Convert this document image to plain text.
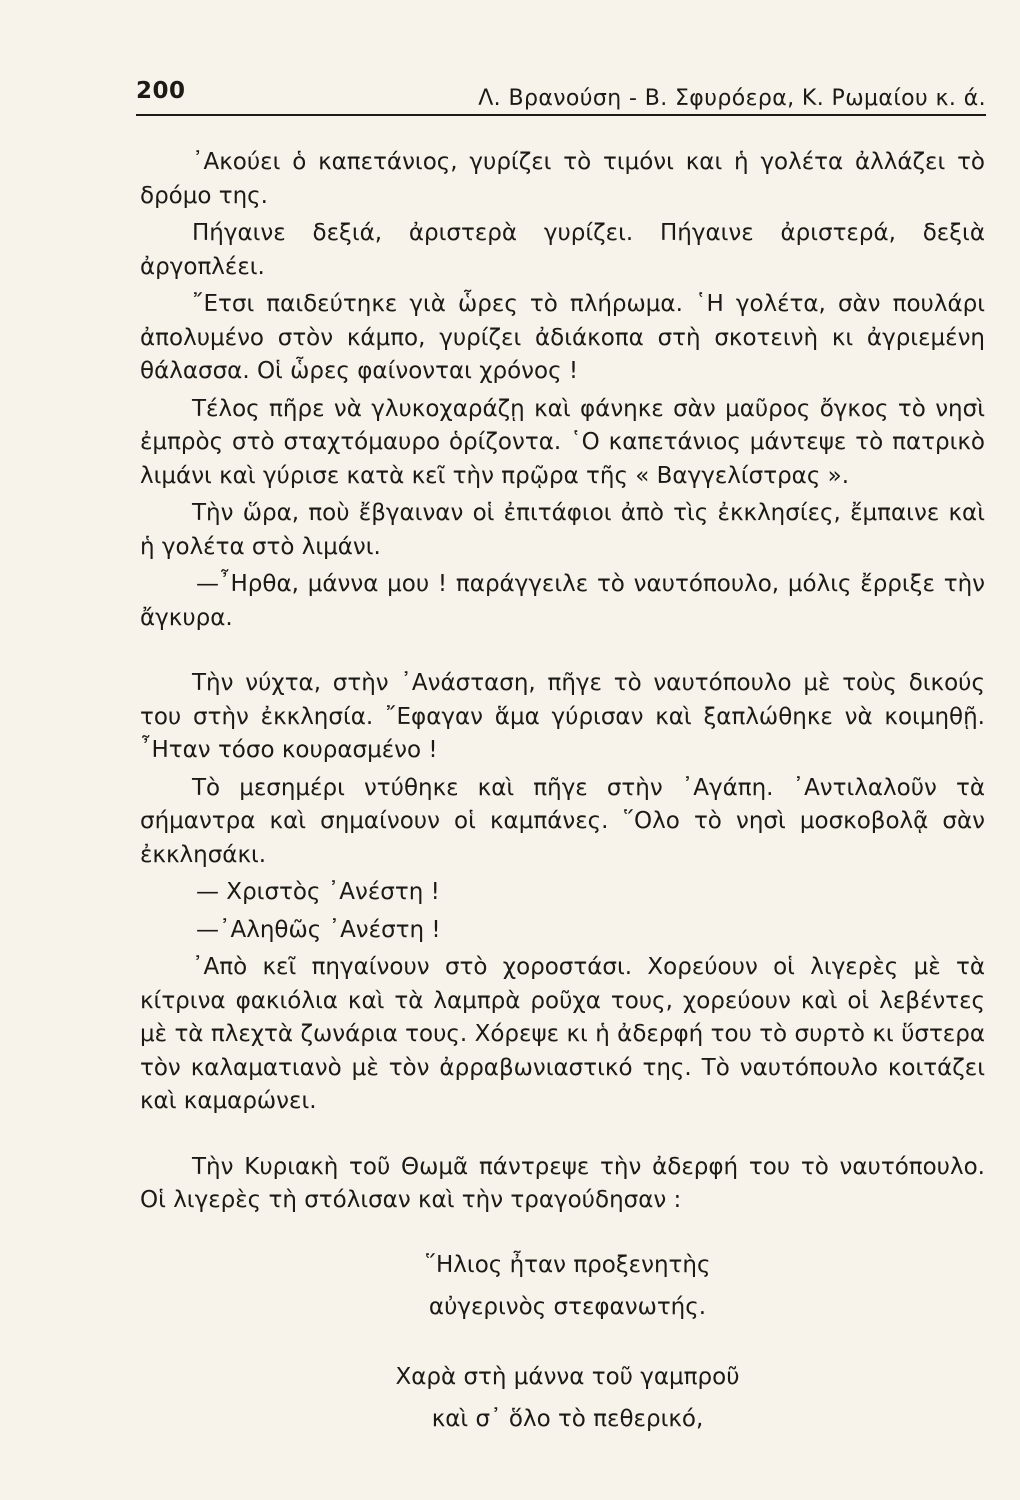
200	Λ. Βρανούση - Β. Σφυρόερα, Κ. Ρωμαίου κ. ά.

᾿Ακούει ὁ καπετάνιος, γυρίζει τὸ τιμόνι και ἡ γολέτα ἀλλάζει τὸ δρόμο της.

Πήγαινε δεξιά, ἀριστερὰ γυρίζει. Πήγαινε ἀριστερά, δεξιὰ ἀργοπλέει.

῎Ετσι παιδεύτηκε γιὰ ὧρες τὸ πλήρωμα. ῾Η γολέτα, σὰν πουλάρι ἀπολυμένο στὸν κάμπο, γυρίζει ἀδιάκοπα στὴ σκοτεινὴ κι ἀγριεμένη θάλασσα. Οἱ ὧρες φαίνονται χρόνος !

Τέλος πῆρε νὰ γλυκοχαράζῃ καὶ φάνηκε σὰν μαῦρος ὄγκος τὸ νησὶ ἐμπρὸς στὸ σταχτόμαυρο ὁρίζοντα. ῾Ο καπετάνιος μάντεψε τὸ πατρικὸ λιμάνι καὶ γύρισε κατὰ κεῖ τὴν πρῷρα τῆς « Βαγγελίστρας ».

Τὴν ὥρα, ποὺ ἔβγαιναν οἱ ἐπιτάφιοι ἀπὸ τὶς ἐκκλησίες, ἔμπαινε καὶ ἡ γολέτα στὸ λιμάνι.

—῏Ηρθα, μάννα μου ! παράγγειλε τὸ ναυτόπουλο, μόλις ἔρριξε τὴν ἄγκυρα.

Τὴν νύχτα, στὴν ᾿Ανάσταση, πῆγε τὸ ναυτόπουλο μὲ τοὺς δικούς του στὴν ἐκκλησία. ῎Εφαγαν ἅμα γύρισαν καὶ ξαπλώθηκε νὰ κοιμηθῇ. ῏Ηταν τόσο κουρασμένο !

Τὸ μεσημέρι ντύθηκε καὶ πῆγε στὴν ᾿Αγάπη. ᾿Αντιλαλοῦν τὰ σήμαντρα καὶ σημαίνουν οἱ καμπάνες. ῞Ολο τὸ νησὶ μοσκοβολᾷ σὰν ἐκκλησάκι.

— Χριστὸς ᾿Ανέστη !

—᾿Αληθῶς ᾿Ανέστη !

᾿Απὸ κεῖ πηγαίνουν στὸ χοροστάσι. Χορεύουν οἱ λιγερὲς μὲ τὰ κίτρινα φακιόλια καὶ τὰ λαμπρὰ ροῦχα τους, χορεύουν καὶ οἱ λεβέντες μὲ τὰ πλεχτὰ ζωνάρια τους. Χόρεψε κι ἡ ἀδερφή του τὸ συρτὸ κι ὕστερα τὸν καλαματιανὸ μὲ τὸν ἀρραβωνιαστικό της. Τὸ ναυτόπουλο κοιτάζει καὶ καμαρώνει.

Τὴν Κυριακὴ τοῦ Θωμᾶ πάντρεψε τὴν ἀδερφή του τὸ ναυτόπουλο. Οἱ λιγερὲς τὴ στόλισαν καὶ τὴν τραγούδησαν :

῞Ηλιος ἦταν προξενητὴς
αὐγερινὸς στεφανωτής.
Χαρὰ στὴ μάννα τοῦ γαμπροῦ
καὶ σ᾿ ὅλο τὸ πεθερικό,
